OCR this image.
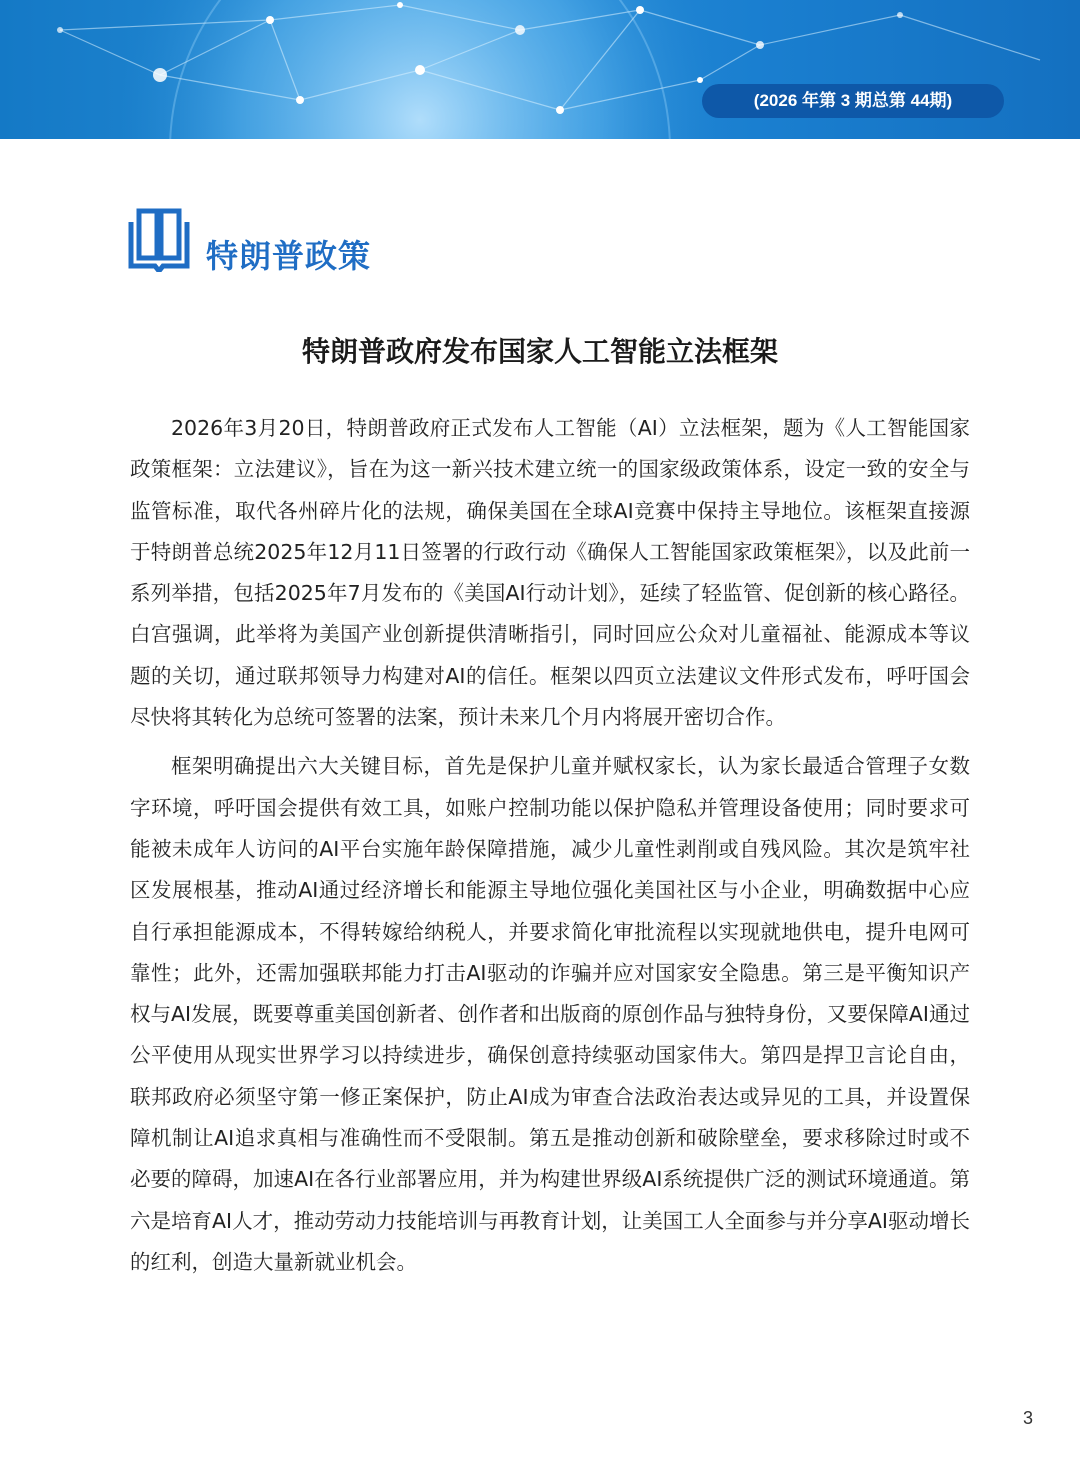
(2026 年第 3 期总第 44期)
特朗普政策
特朗普政府发布国家人工智能立法框架

2026年3月20日，特朗普政府正式发布人工智能（AI）立法框架，题为《人工智能国家政策框架：立法建议》，旨在为这一新兴技术建立统一的国家级政策体系，设定一致的安全与监管标准，取代各州碎片化的法规，确保美国在全球AI竞赛中保持主导地位。该框架直接源于特朗普总统2025年12月11日签署的行政行动《确保人工智能国家政策框架》，以及此前一系列举措，包括2025年7月发布的《美国AI行动计划》，延续了轻监管、促创新的核心路径。白宫强调，此举将为美国产业创新提供清晰指引，同时回应公众对儿童福祉、能源成本等议题的关切，通过联邦领导力构建对AI的信任。框架以四页立法建议文件形式发布，呼吁国会尽快将其转化为总统可签署的法案，预计未来几个月内将展开密切合作。

框架明确提出六大关键目标，首先是保护儿童并赋权家长，认为家长最适合管理子女数字环境，呼吁国会提供有效工具，如账户控制功能以保护隐私并管理设备使用；同时要求可能被未成年人访问的AI平台实施年龄保障措施，减少儿童性剥削或自残风险。其次是筑牢社区发展根基，推动AI通过经济增长和能源主导地位强化美国社区与小企业，明确数据中心应自行承担能源成本，不得转嫁给纳税人，并要求简化审批流程以实现就地供电，提升电网可靠性；此外，还需加强联邦能力打击AI驱动的诈骗并应对国家安全隐患。第三是平衡知识产权与AI发展，既要尊重美国创新者、创作者和出版商的原创作品与独特身份，又要保障AI通过公平使用从现实世界学习以持续进步，确保创意持续驱动国家伟大。第四是捍卫言论自由，联邦政府必须坚守第一修正案保护，防止AI成为审查合法政治表达或异见的工具，并设置保障机制让AI追求真相与准确性而不受限制。第五是推动创新和破除壁垒，要求移除过时或不必要的障碍，加速AI在各行业部署应用，并为构建世界级AI系统提供广泛的测试环境通道。第六是培育AI人才，推动劳动力技能培训与再教育计划，让美国工人全面参与并分享AI驱动增长的红利，创造大量新就业机会。

3
